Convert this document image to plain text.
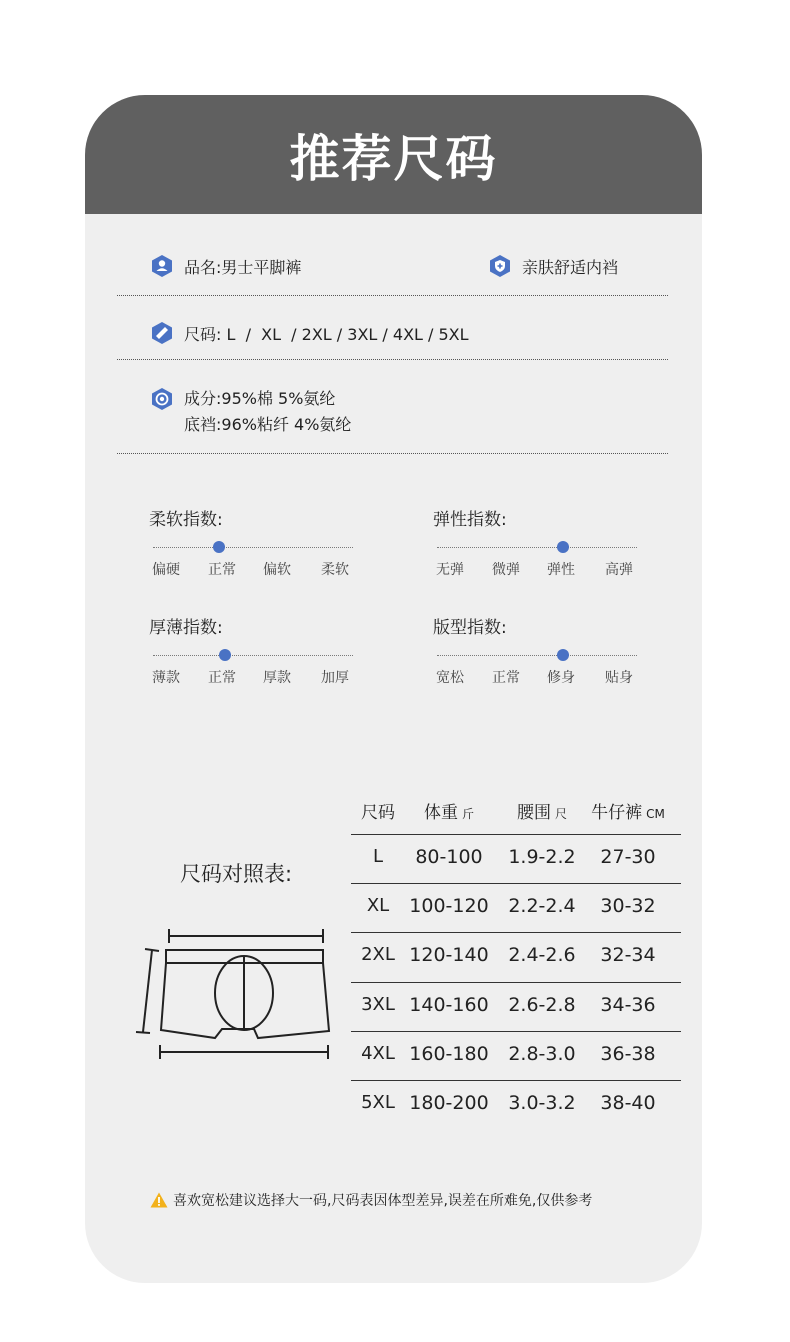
推荐尺码
品名:男士平脚裤	亲肤舒适内裆
尺码: L  /  XL  / 2XL / 3XL / 4XL / 5XL
成分:95%棉 5%氨纶
底裆:96%粘纤 4%氨纶
柔软指数:
偏硬	正常	偏软	柔软
弹性指数:
无弹	微弹	弹性	高弹
厚薄指数:
薄款	正常	厚款	加厚
版型指数:
宽松	正常	修身	贴身
尺码对照表:
尺码 体重 斤	腰围 尺 牛仔裤 CM
L 80-100 1.9-2.2 27-30
XL 100-120 2.2-2.4 30-32
2XL 120-140 2.4-2.6 32-34
3XL 140-160 2.6-2.8 34-36
4XL 160-180 2.8-3.0 36-38
5XL 180-200 3.0-3.2 38-40
喜欢宽松建议选择大一码,尺码表因体型差异,误差在所难免,仅供参考
